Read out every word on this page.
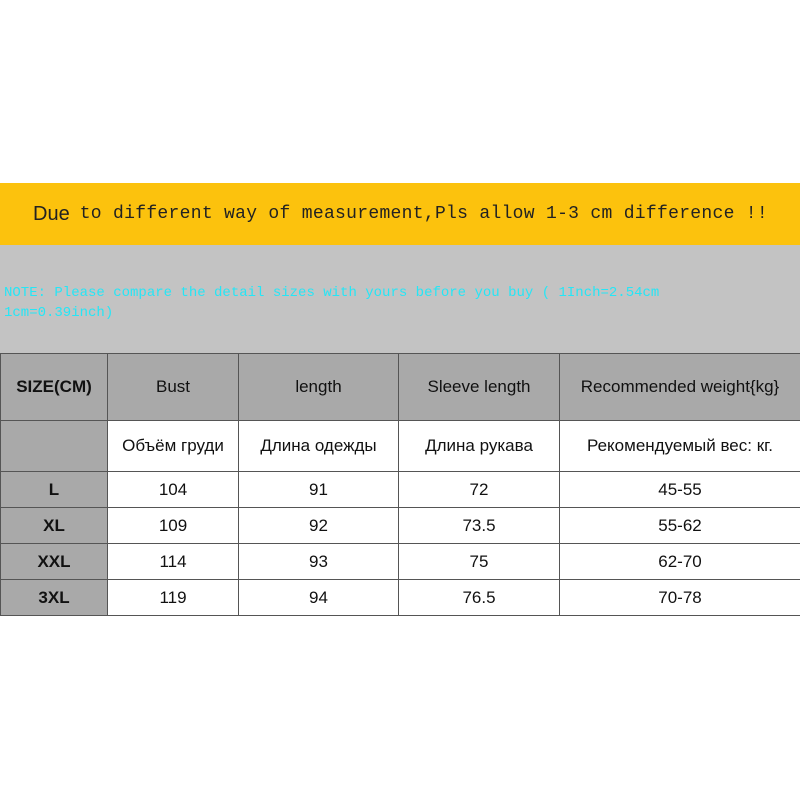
Due to different way of measurement,Pls allow 1-3 cm difference !!
NOTE: Please compare the detail sizes with yours before you buy ( 1Inch=2.54cm
1cm=0.39inch)
SIZE(CM)	Bust	length	Sleeve length	Recommended weight{kg}
	Объём груди	Длина одежды	Длина рукава	Рекомендуемый вес: кг.
L	104	91	72	45-55
XL	109	92	73.5	55-62
XXL	114	93	75	62-70
3XL	119	94	76.5	70-78
